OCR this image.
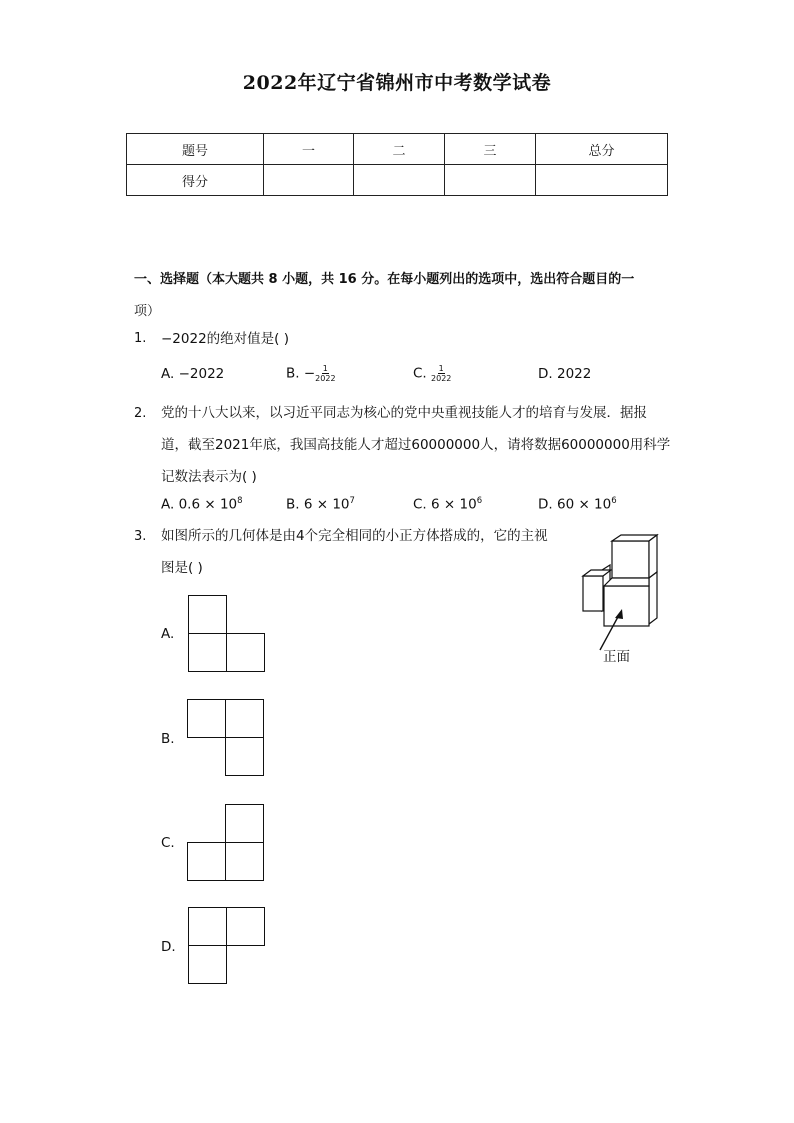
2022年辽宁省锦州市中考数学试卷
题号	一	二	三	总分
得分				
一、选择题（本大题共 8 小题，共 16 分。在每小题列出的选项中，选出符合题目的一
项）
1. −2022的绝对值是( )
A. −2022	B. − $\frac{1}{2022}$	C. $\frac{1}{2022}$	D. 2022
2. 党的十八大以来，以习近平同志为核心的党中央重视技能人才的培育与发展．据报
道，截至2021年底，我国高技能人才超过60000000人，请将数据60000000用科学
记数法表示为( )
A. $0.6 \times 10^8$	B. $6 \times 10^7$	C. $6 \times 10^6$	D. $60 \times 10^6$
3. 如图所示的几何体是由4个完全相同的小正方体搭成的，它的主视
图是( )
正面
A.
B.
C.
D.
